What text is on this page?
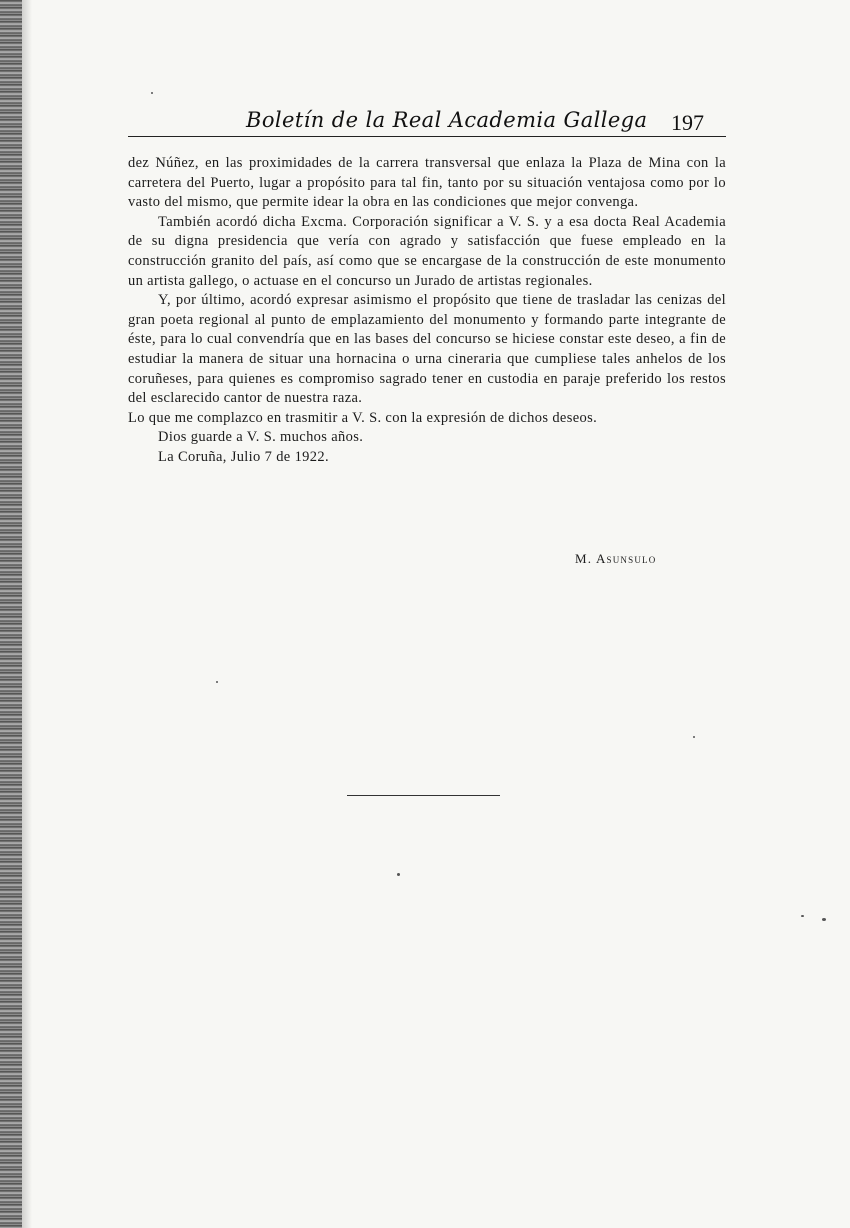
Boletín de la Real Academia Gallega 197

dez Núñez, en las proximidades de la carrera transversal que enlaza la Plaza de Mina con la carretera del Puerto, lugar a propósito para tal fin, tanto por su situación ventajosa como por lo vasto del mismo, que permite idear la obra en las condiciones que mejor convenga.

También acordó dicha Excma. Corporación significar a V. S. y a esa docta Real Academia de su digna presidencia que vería con agrado y satisfacción que fuese empleado en la construcción granito del país, así como que se encargase de la construcción de este monumento un artista gallego, o actuase en el concurso un Jurado de artistas regionales.

Y, por último, acordó expresar asimismo el propósito que tiene de trasladar las cenizas del gran poeta regional al punto de emplazamiento del monumento y formando parte integrante de éste, para lo cual convendría que en las bases del concurso se hiciese constar este deseo, a fin de estudiar la manera de situar una hornacina o urna cineraria que cumpliese tales anhelos de los coruñeses, para quienes es compromiso sagrado tener en custodia en paraje preferido los restos del esclarecido cantor de nuestra raza.

Lo que me complazco en trasmitir a V. S. con la expresión de dichos deseos.

Dios guarde a V. S. muchos años.

La Coruña, Julio 7 de 1922.

M. Asunsulo
